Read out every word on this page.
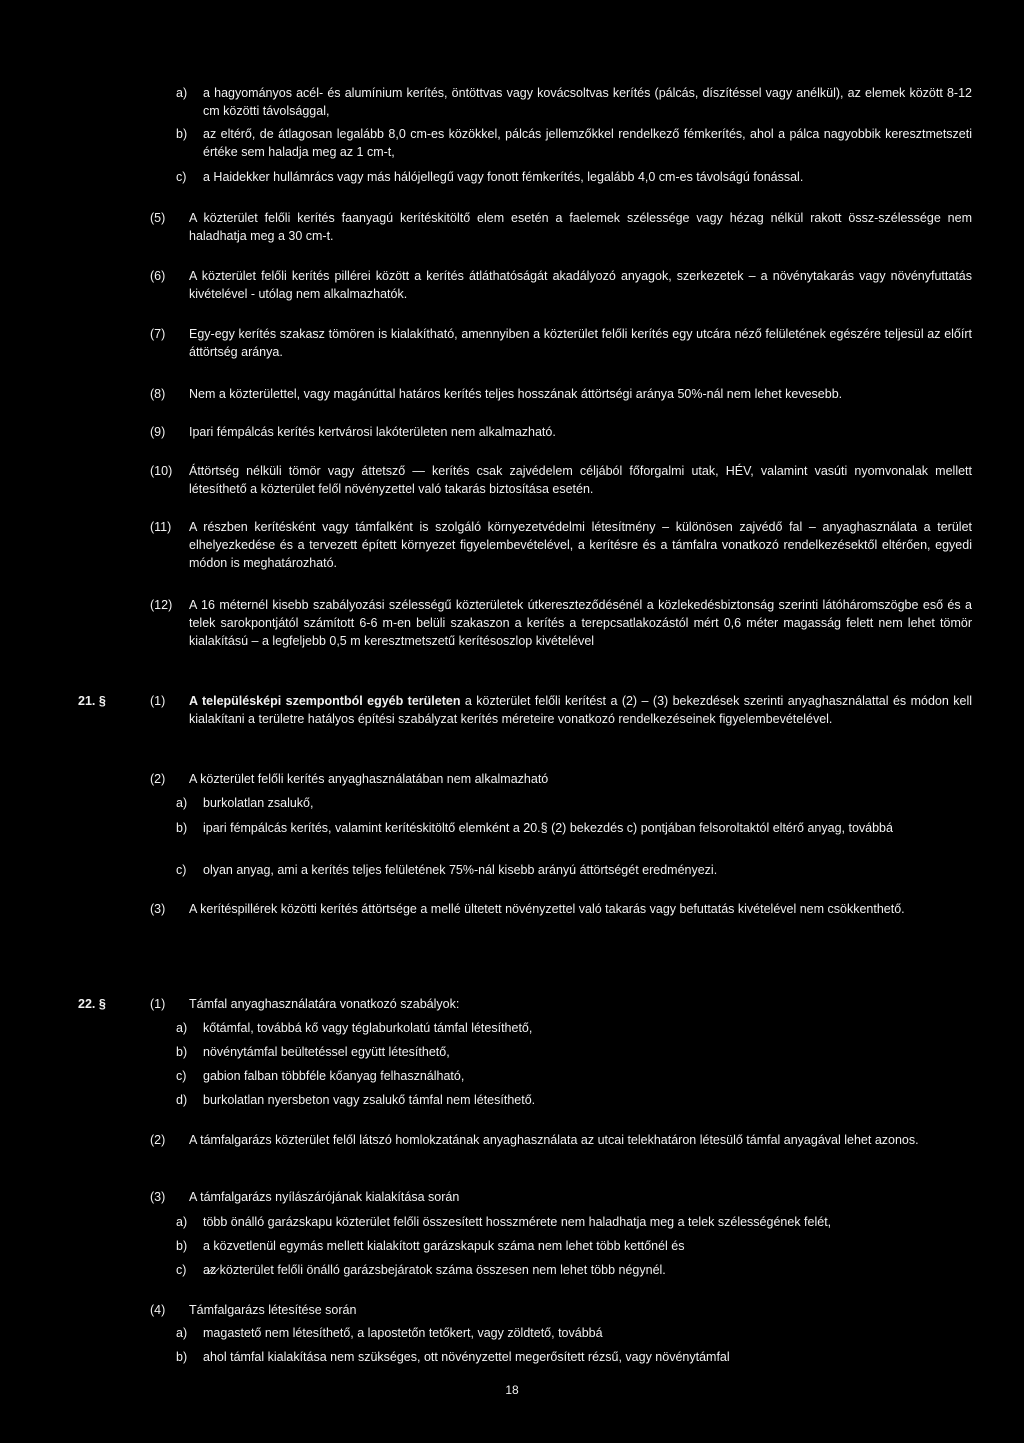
a) a hagyományos acél- és alumínium kerítés, öntöttvas vagy kovácsoltvas kerítés (pálcás, díszítéssel vagy anélkül), az elemek között 8-12 cm közötti távolsággal,
b) az eltérő, de átlagosan legalább 8,0 cm-es közökkel, pálcás jellemzőkkel rendelkező fémkerítés, ahol a pálca nagyobbik keresztmetszeti értéke sem haladja meg az 1 cm-t,
c) a Haidekker hullámrács vagy más hálójellegű vagy fonott fémkerítés, legalább 4,0 cm-es távolságú fonással.
(5)	A közterület felőli kerítés faanyagú kerítéskitöltő elem esetén a faelemek szélessége vagy hézag nélkül rakott össz-szélessége nem haladhatja meg a 30 cm-t.
(6)	A közterület felőli kerítés pillérei között a kerítés átláthatóságát akadályozó anyagok, szerkezetek – a növénytakarás vagy növényfuttatás kivételével - utólag nem alkalmazhatók.
(7)	Egy-egy kerítés szakasz tömören is kialakítható, amennyiben a közterület felőli kerítés egy utcára néző felületének egészére teljesül az előírt áttörtség aránya.
(8)	Nem a közterülettel, vagy magánúttal határos kerítés teljes hosszának áttörtségi aránya 50%-nál nem lehet kevesebb.
(9)	Ipari fémpálcás kerítés kertvárosi lakóterületen nem alkalmazható.
(10)	Áttörtség nélküli tömör vagy áttetsző — kerítés csak zajvédelem céljából főforgalmi utak, HÉV, valamint vasúti nyomvonalak mellett létesíthető a közterület felől növényzettel való takarás biztosítása esetén.
(11)	A részben kerítésként vagy támfalként is szolgáló környezetvédelmi létesítmény – különösen zajvédő fal – anyaghasználata a terület elhelyezkedése és a tervezett épített környezet figyelembevételével, a kerítésre és a támfalra vonatkozó rendelkezésektől eltérően, egyedi módon is meghatározható.
(12)	A 16 méternél kisebb szabályozási szélességű közterületek útkereszteződésénél a közlekedésbiztonság szerinti látóháromszögbe eső és a telek sarokpontjától számított 6-6 m-en belüli szakaszon a kerítés a terepcsatlakozástól mért 0,6 méter magasság felett nem lehet tömör kialakítású – a legfeljebb 0,5 m keresztmetszetű kerítésoszlop kivételével
21. §	(1)	A településképi szempontból egyéb területen a közterület felőli kerítést a (2) – (3) bekezdések szerinti anyaghasználattal és módon kell kialakítani a területre hatályos építési szabályzat kerítés méreteire vonatkozó rendelkezéseinek figyelembevételével.
(2)	A közterület felőli kerítés anyaghasználatában nem alkalmazható
a) burkolatlan zsalukő,
b) ipari fémpálcás kerítés, valamint kerítéskitöltő elemként a 20.§ (2) bekezdés c) pontjában felsoroltaktól eltérő anyag, továbbá
c) olyan anyag, ami a kerítés teljes felületének 75%-nál kisebb arányú áttörtségét eredményezi.
(3)	A kerítéspillérek közötti kerítés áttörtsége a mellé ültetett növényzettel való takarás vagy befuttatás kivételével nem csökkenthető.
22. §	(1)	Támfal anyaghasználatára vonatkozó szabályok:
a) kőtámfal, továbbá kő vagy téglaburkolatú támfal létesíthető,
b) növénytámfal beültetéssel együtt létesíthető,
c) gabion falban többféle kőanyag felhasználható,
d) burkolatlan nyersbeton vagy zsalukő támfal nem létesíthető.
(2)	A támfalgarázs közterület felől látszó homlokzatának anyaghasználata az utcai telekhatáron létesülő támfal anyagával lehet azonos.
(3)	A támfalgarázs nyílászárójának kialakítása során
a) több önálló garázskapu közterület felőli összesített hosszmérete nem haladhatja meg a telek szélességének felét,
b) a közvetlenül egymás mellett kialakított garázskapuk száma nem lehet több kettőnél és
c) a̷z̷ közterület felőli önálló garázsbejáratok száma összesen nem lehet több négynél.
(4)	Támfalgarázs létesítése során
a) magastető nem létesíthető, a lapostetőn tetőkert, vagy zöldtető, továbbá
b) ahol támfal kialakítása nem szükséges, ott növényzettel megerősített rézsű, vagy növénytámfal
18
